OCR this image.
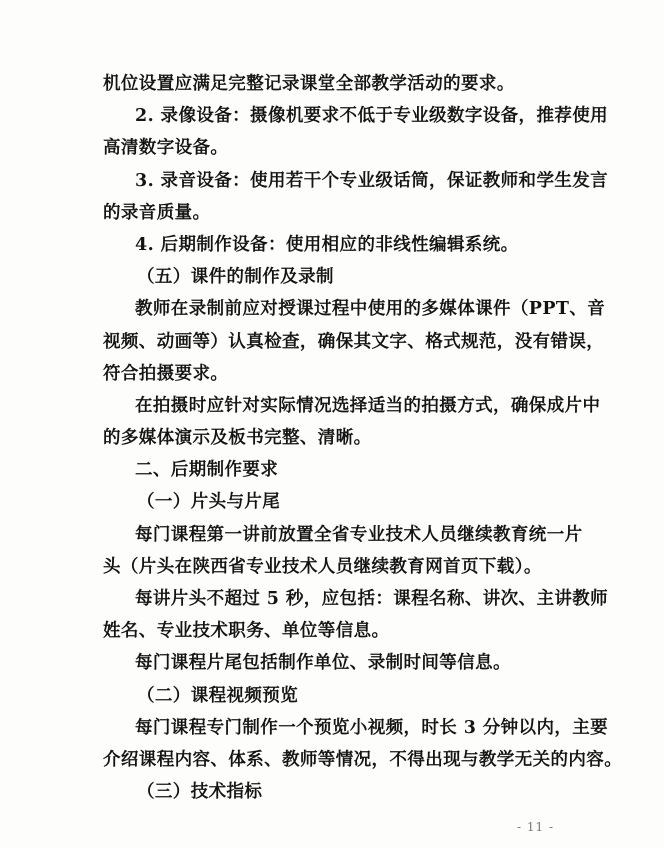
机位设置应满足完整记录课堂全部教学活动的要求。

2. 录像设备：摄像机要求不低于专业级数字设备，推荐使用

高清数字设备。

3. 录音设备：使用若干个专业级话筒，保证教师和学生发言

的录音质量。

4. 后期制作设备：使用相应的非线性编辑系统。

（五）课件的制作及录制

教师在录制前应对授课过程中使用的多媒体课件（PPT、音

视频、动画等）认真检查，确保其文字、格式规范，没有错误，

符合拍摄要求。

在拍摄时应针对实际情况选择适当的拍摄方式，确保成片中

的多媒体演示及板书完整、清晰。

二、后期制作要求

（一）片头与片尾

每门课程第一讲前放置全省专业技术人员继续教育统一片

头（片头在陕西省专业技术人员继续教育网首页下载）。

每讲片头不超过 5 秒，应包括：课程名称、讲次、主讲教师

姓名、专业技术职务、单位等信息。

每门课程片尾包括制作单位、录制时间等信息。

（二）课程视频预览

每门课程专门制作一个预览小视频，时长 3 分钟以内，主要

介绍课程内容、体系、教师等情况，不得出现与教学无关的内容。

（三）技术指标

- 11 -
